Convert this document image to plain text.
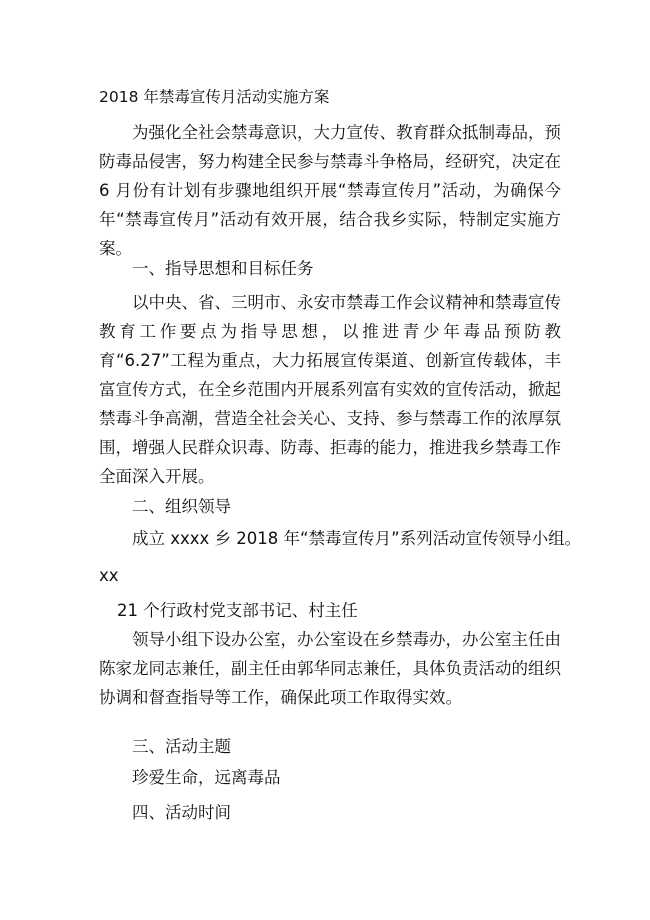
2018 年禁毒宣传月活动实施方案

为强化全社会禁毒意识，大力宣传、教育群众抵制毒品，预防毒品侵害，努力构建全民参与禁毒斗争格局，经研究，决定在 6 月份有计划有步骤地组织开展“禁毒宣传月”活动，为确保今年“禁毒宣传月”活动有效开展，结合我乡实际，特制定实施方案。

一、指导思想和目标任务

以中央、省、三明市、永安市禁毒工作会议精神和禁毒宣传教育工作要点为指导思想，以推进青少年毒品预防教育“6.27”工程为重点，大力拓展宣传渠道、创新宣传载体，丰富宣传方式，在全乡范围内开展系列富有实效的宣传活动，掀起禁毒斗争高潮，营造全社会关心、支持、参与禁毒工作的浓厚氛围，增强人民群众识毒、防毒、拒毒的能力，推进我乡禁毒工作全面深入开展。

二、组织领导
成立 xxxx 乡 2018 年“禁毒宣传月”系列活动宣传领导小组。
xx
21 个行政村党支部书记、村主任

领导小组下设办公室，办公室设在乡禁毒办，办公室主任由陈家龙同志兼任，副主任由郭华同志兼任，具体负责活动的组织协调和督查指导等工作，确保此项工作取得实效。

三、活动主题
珍爱生命，远离毒品
四、活动时间
